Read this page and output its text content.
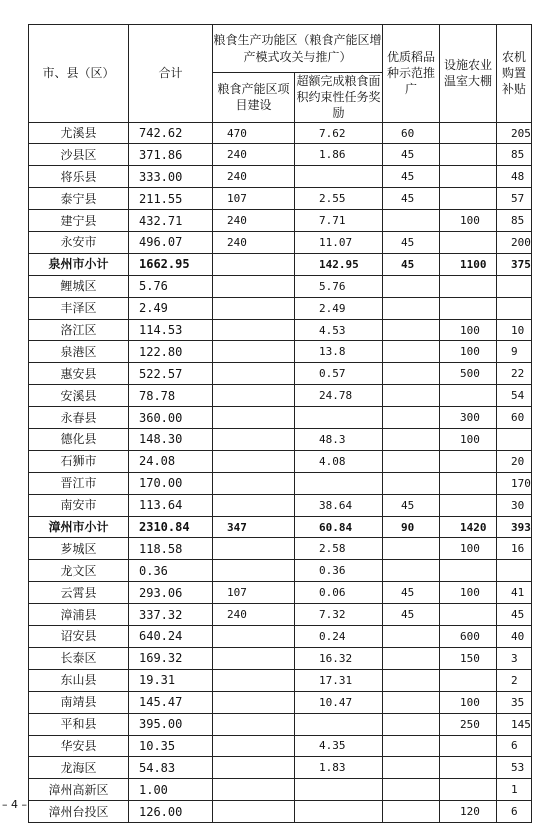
市、县（区）	合计	粮食生产功能区（粮食产能区增产模式攻关与推广）		优质稻品种示范推广	设施农业温室大棚	农机购置补贴
		粮食产能区项目建设	超额完成粮食面积约束性任务奖励			
尤溪县	742.62	470	7.62	60		205
沙县区	371.86	240	1.86	45		85
将乐县	333.00	240		45		48
泰宁县	211.55	107	2.55	45		57
建宁县	432.71	240	7.71		100	85
永安市	496.07	240	11.07	45		200
泉州市小计	1662.95		142.95	45	1100	375
鲤城区	5.76		5.76			
丰泽区	2.49		2.49			
洛江区	114.53		4.53		100	10
泉港区	122.80		13.8		100	9
惠安县	522.57		0.57		500	22
安溪县	78.78		24.78			54
永春县	360.00				300	60
德化县	148.30		48.3		100	
石狮市	24.08		4.08			20
晋江市	170.00					170
南安市	113.64		38.64	45		30
漳州市小计	2310.84	347	60.84	90	1420	393
芗城区	118.58		2.58		100	16
龙文区	0.36		0.36			
云霄县	293.06	107	0.06	45	100	41
漳浦县	337.32	240	7.32	45		45
诏安县	640.24		0.24		600	40
长泰区	169.32		16.32		150	3
东山县	19.31		17.31			2
南靖县	145.47		10.47		100	35
平和县	395.00				250	145
华安县	10.35		4.35			6
龙海区	54.83		1.83			53
漳州高新区	1.00					1
漳州台投区	126.00				120	6
– 4 –
